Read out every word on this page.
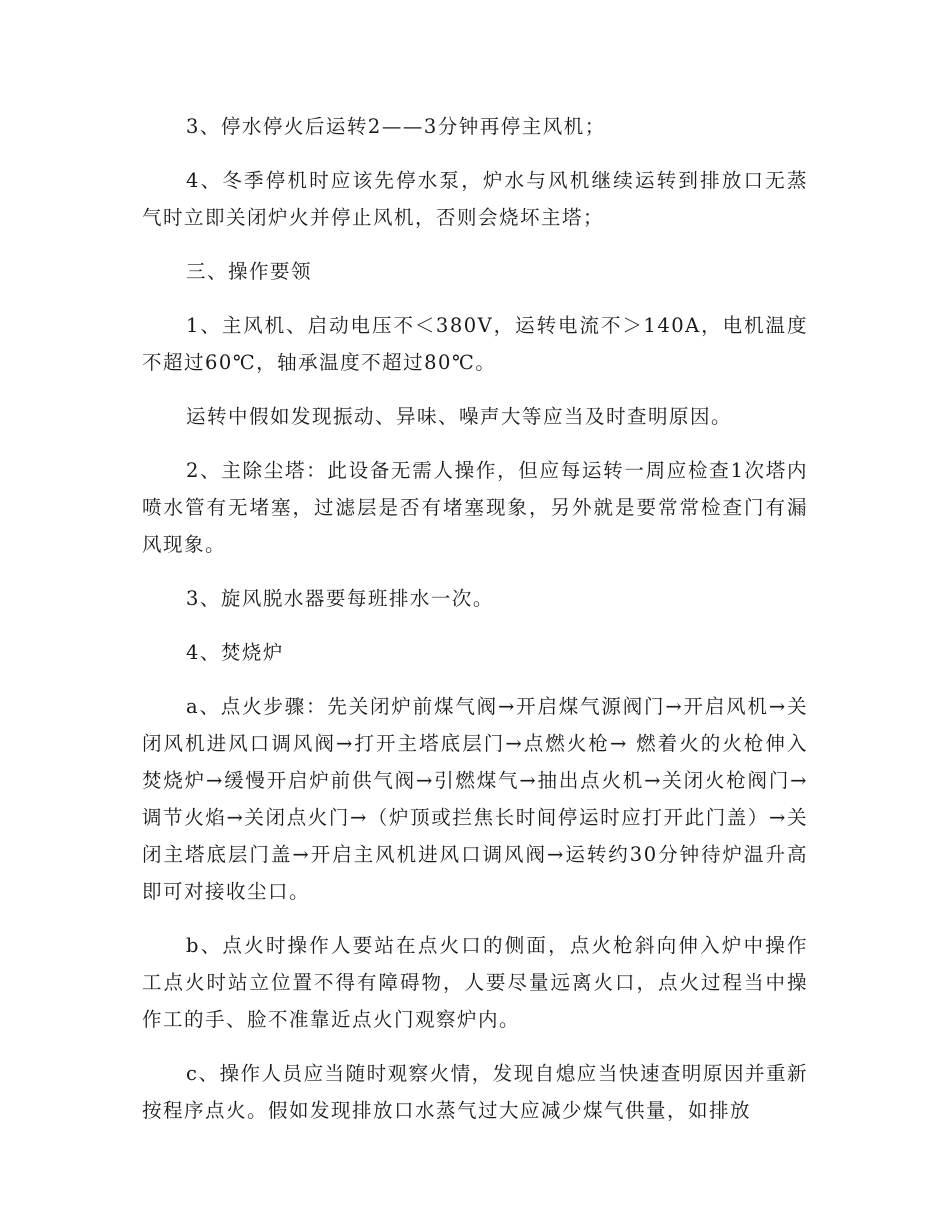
3、停水停火后运转2——3分钟再停主风机；

4、冬季停机时应该先停水泵，炉水与风机继续运转到排放口无蒸气时立即关闭炉火并停止风机，否则会烧坏主塔；

三、操作要领

1、主风机、启动电压不＜380V，运转电流不＞140A，电机温度不超过60℃，轴承温度不超过80℃。

运转中假如发现振动、异味、噪声大等应当及时查明原因。

2、主除尘塔：此设备无需人操作，但应每运转一周应检查1次塔内喷水管有无堵塞，过滤层是否有堵塞现象，另外就是要常常检查门有漏风现象。

3、旋风脱水器要每班排水一次。

4、焚烧炉

a、点火步骤：先关闭炉前煤气阀→开启煤气源阀门→开启风机→关闭风机进风口调风阀→打开主塔底层门→点燃火枪→ 燃着火的火枪伸入焚烧炉→缓慢开启炉前供气阀→引燃煤气→抽出点火机→关闭火枪阀门→调节火焰→关闭点火门→（炉顶或拦焦长时间停运时应打开此门盖）→关闭主塔底层门盖→开启主风机进风口调风阀→运转约30分钟待炉温升高即可对接收尘口。

b、点火时操作人要站在点火口的侧面，点火枪斜向伸入炉中操作工点火时站立位置不得有障碍物，人要尽量远离火口，点火过程当中操作工的手、脸不准靠近点火门观察炉内。

c、操作人员应当随时观察火情，发现自熄应当快速查明原因并重新按程序点火。假如发现排放口水蒸气过大应减少煤气供量，如排放
